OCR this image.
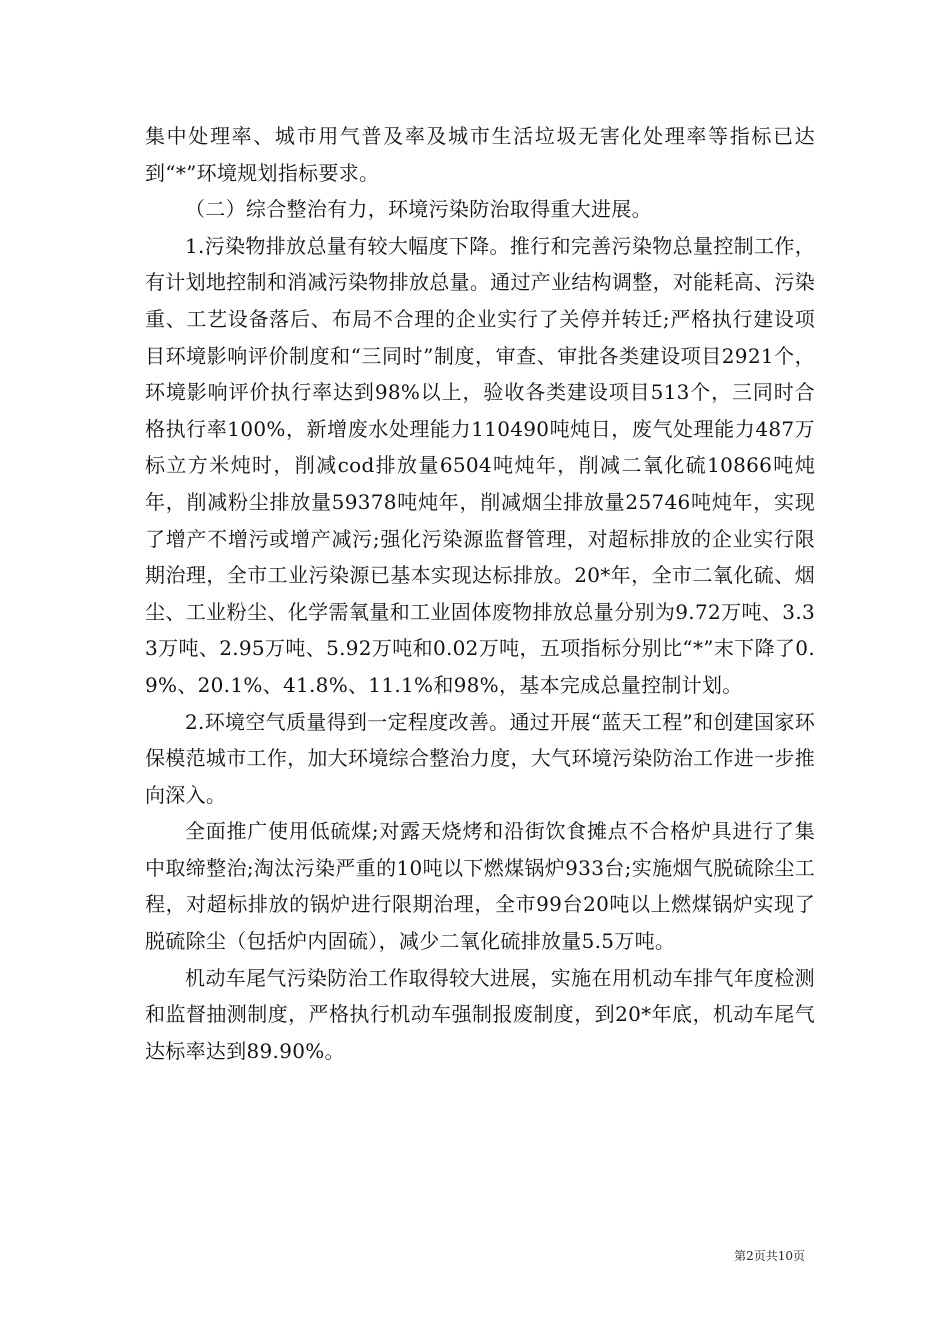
集中处理率、城市用气普及率及城市生活垃圾无害化处理率等指标已达到“*”环境规划指标要求。

（二）综合整治有力，环境污染防治取得重大进展。

1.污染物排放总量有较大幅度下降。推行和完善污染物总量控制工作，有计划地控制和消减污染物排放总量。通过产业结构调整，对能耗高、污染重、工艺设备落后、布局不合理的企业实行了关停并转迁;严格执行建设项目环境影响评价制度和“三同时”制度，审查、审批各类建设项目2921个，环境影响评价执行率达到98%以上，验收各类建设项目513个，三同时合格执行率100%，新增废水处理能力110490吨炖日，废气处理能力487万标立方米炖时，削减cod排放量6504吨炖年，削减二氧化硫10866吨炖年，削减粉尘排放量59378吨炖年，削减烟尘排放量25746吨炖年，实现了增产不增污或增产减污;强化污染源监督管理，对超标排放的企业实行限期治理，全市工业污染源已基本实现达标排放。20*年，全市二氧化硫、烟尘、工业粉尘、化学需氧量和工业固体废物排放总量分别为9.72万吨、3.33万吨、2.95万吨、5.92万吨和0.02万吨，五项指标分别比“*”末下降了0.9%、20.1%、41.8%、11.1%和98%，基本完成总量控制计划。

2.环境空气质量得到一定程度改善。通过开展“蓝天工程”和创建国家环保模范城市工作，加大环境综合整治力度，大气环境污染防治工作进一步推向深入。

全面推广使用低硫煤;对露天烧烤和沿街饮食摊点不合格炉具进行了集中取缔整治;淘汰污染严重的10吨以下燃煤锅炉933台;实施烟气脱硫除尘工程，对超标排放的锅炉进行限期治理，全市99台20吨以上燃煤锅炉实现了脱硫除尘（包括炉内固硫），减少二氧化硫排放量5.5万吨。

机动车尾气污染防治工作取得较大进展，实施在用机动车排气年度检测和监督抽测制度，严格执行机动车强制报废制度，到20*年底，机动车尾气达标率达到89.90%。

第2页共10页
